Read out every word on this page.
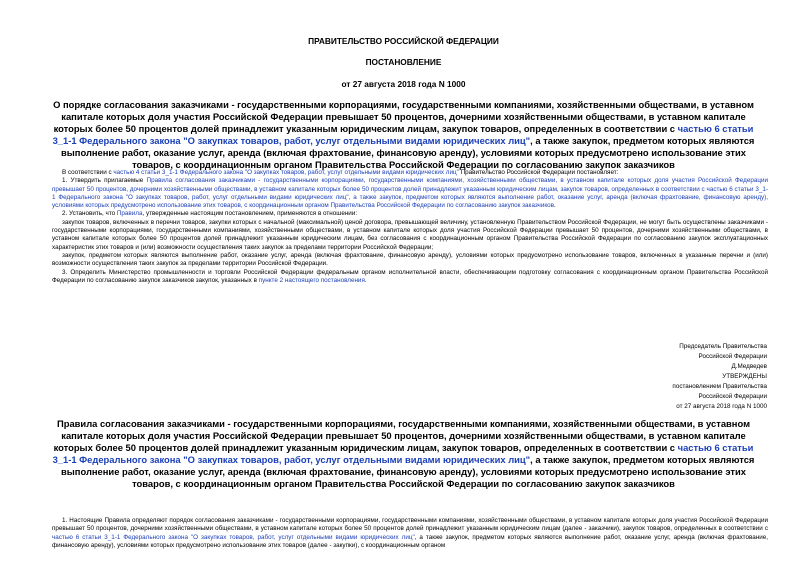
ПРАВИТЕЛЬСТВО РОССИЙСКОЙ ФЕДЕРАЦИИ
ПОСТАНОВЛЕНИЕ
от 27 августа 2018 года N 1000
О порядке согласования заказчиками - государственными корпорациями, государственными компаниями, хозяйственными обществами, в уставном капитале которых доля участия Российской Федерации превышает 50 процентов, дочерними хозяйственными обществами, в уставном капитале которых более 50 процентов долей принадлежит указанным юридическим лицам, закупок товаров, определенных в соответствии с частью 6 статьи 3_1-1 Федерального закона "О закупках товаров, работ, услуг отдельными видами юридических лиц", а также закупок, предметом которых являются выполнение работ, оказание услуг, аренда (включая фрахтование, финансовую аренду), условиями которых предусмотрено использование этих товаров, с координационным органом Правительства Российской Федерации по согласованию закупок заказчиков

В соответствии с частью 4 статьи 3_1-1 Федерального закона "О закупках товаров, работ, услуг отдельными видами юридических лиц" Правительство Российской Федерации постановляет:

1. Утвердить прилагаемые Правила согласования заказчиками - государственными корпорациями, государственными компаниями, хозяйственными обществами, в уставном капитале которых доля участия Российской Федерации превышает 50 процентов, дочерними хозяйственными обществами, в уставном капитале которых более 50 процентов долей принадлежит указанным юридическим лицам, закупок товаров, определенных в соответствии с частью 6 статьи 3_1-1 Федерального закона "О закупках товаров, работ, услуг отдельными видами юридических лиц", а также закупок, предметом которых являются выполнение работ, оказание услуг, аренда (включая фрахтование, финансовую аренду), условиями которых предусмотрено использование этих товаров, с координационным органом Правительства Российской Федерации по согласованию закупок заказчиков.

2. Установить, что Правила, утвержденные настоящим постановлением, применяются в отношении:

закупок товаров, включенных в перечни товаров, закупки которых с начальной (максимальной) ценой договора, превышающей величину, установленную Правительством Российской Федерации, не могут быть осуществлены заказчиками - государственными корпорациями, государственными компаниями, хозяйственными обществами, в уставном капитале которых доля участия Российской Федерации превышает 50 процентов, дочерними хозяйственными обществами, в уставном капитале которых более 50 процентов долей принадлежит указанным юридическим лицам, без согласования с координационным органом Правительства Российской Федерации по согласованию закупок эксплуатационных характеристик этих товаров и (или) возможности осуществления таких закупок за пределами территории Российской Федерации;

закупок, предметом которых являются выполнение работ, оказание услуг, аренда (включая фрахтование, финансовую аренду), условиями которых предусмотрено использование товаров, включенных в указанные перечни и (или) возможности осуществления таких закупок за пределами территории Российской Федерации.

3. Определить Министерство промышленности и торговли Российской Федерации федеральным органом исполнительной власти, обеспечивающим подготовку согласования с координационным органом Правительства Российской Федерации по согласованию закупок заказчиков закупок, указанных в пункте 2 настоящего постановления.

Председатель Правительства
Российской Федерации
Д.Медведев
УТВЕРЖДЕНЫ
постановлением Правительства
Российской Федерации
от 27 августа 2018 года N 1000
Правила согласования заказчиками - государственными корпорациями, государственными компаниями, хозяйственными обществами, в уставном капитале которых доля участия Российской Федерации превышает 50 процентов, дочерними хозяйственными обществами, в уставном капитале которых более 50 процентов долей принадлежит указанным юридическим лицам, закупок товаров, определенных в соответствии с частью 6 статьи 3_1-1 Федерального закона "О закупках товаров, работ, услуг отдельными видами юридических лиц", а также закупок, предметом которых являются выполнение работ, оказание услуг, аренда (включая фрахтование, финансовую аренду), условиями которых предусмотрено использование этих товаров, с координационным органом Правительства Российской Федерации по согласованию закупок заказчиков

1. Настоящие Правила определяют порядок согласования заказчиками - государственными корпорациями, государственными компаниями, хозяйственными обществами, в уставном капитале которых доля участия Российской Федерации превышает 50 процентов, дочерними хозяйственными обществами, в уставном капитале которых более 50 процентов долей принадлежит указанным юридическим лицам (далее - заказчики), закупок товаров, определенных в соответствии с частью 6 статьи 3_1-1 Федерального закона "О закупках товаров, работ, услуг отдельными видами юридических лиц", а также закупок, предметом которых являются выполнение работ, оказание услуг, аренда (включая фрахтование, финансовую аренду), условиями которых предусмотрено использование этих товаров (далее - закупки), с координационным органом
